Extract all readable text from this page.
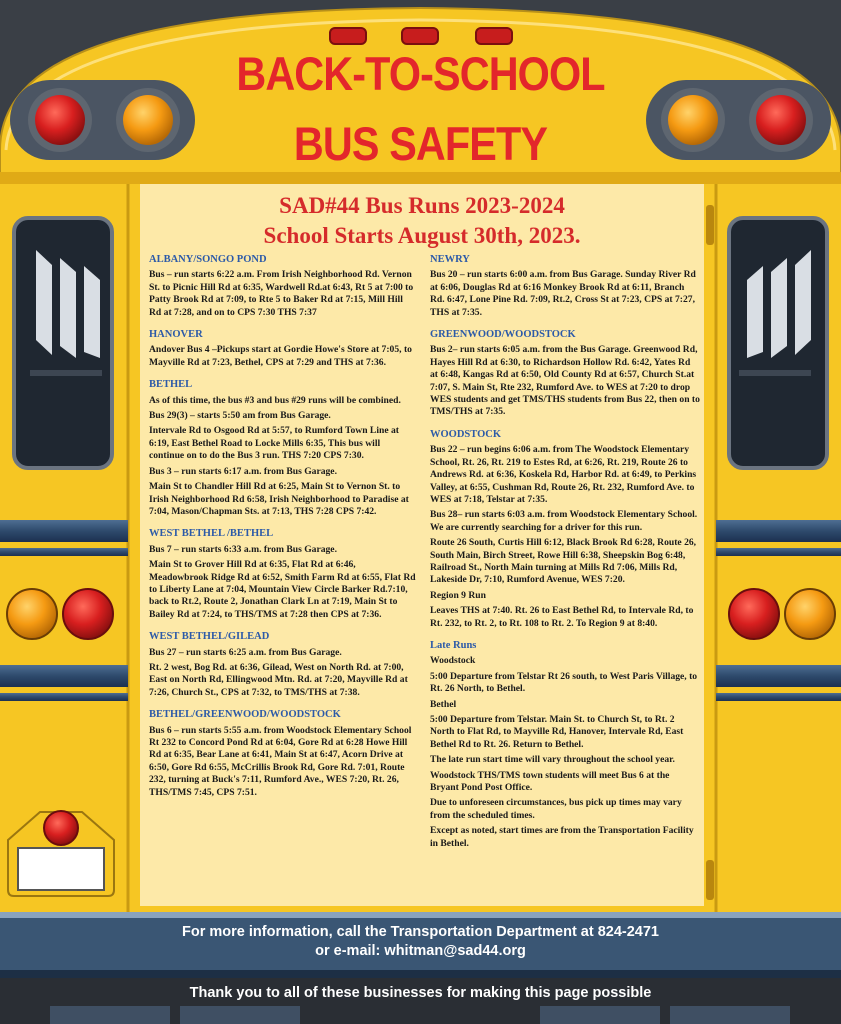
BACK-TO-SCHOOL
BUS SAFETY
SAD#44 Bus Runs 2023-2024
School Starts August 30th, 2023.
ALBANY/SONGO POND
Bus – run starts 6:22 a.m. From Irish Neighborhood Rd. Vernon St. to Picnic Hill Rd at 6:35, Wardwell Rd.at 6:43, Rt 5 at 7:00 to Patty Brook Rd at 7:09, to Rte 5 to Baker Rd at 7:15, Mill Hill Rd at 7:28, and on to CPS 7:30 THS 7:37
HANOVER
Andover Bus 4 –Pickups start at Gordie Howe's Store at 7:05, to Mayville Rd at 7:23, Bethel, CPS at 7:29 and THS at 7:36.
BETHEL
As of this time, the bus #3 and bus #29 runs will be combined.
Bus 29(3) – starts 5:50 am from Bus Garage.
Intervale Rd to Osgood Rd at 5:57, to Rumford Town Line at 6:19, East Bethel Road to Locke Mills 6:35, This bus will continue on to do the Bus 3 run. THS 7:20 CPS 7:30.
Bus 3 – run starts 6:17 a.m. from Bus Garage.
Main St to Chandler Hill Rd at 6:25, Main St to Vernon St. to Irish Neighborhood Rd 6:58, Irish Neighborhood to Paradise at 7:04, Mason/Chapman Sts. at 7:13, THS 7:28 CPS 7:42.
WEST BETHEL /BETHEL
Bus 7 – run starts 6:33 a.m. from Bus Garage.
Main St to Grover Hill Rd at 6:35, Flat Rd at 6:46, Meadowbrook Ridge Rd at 6:52, Smith Farm Rd at 6:55, Flat Rd to Liberty Lane at 7:04, Mountain View Circle Barker Rd.7:10, back to Rt.2, Route 2, Jonathan Clark Ln at 7:19, Main St to Bailey Rd at 7:24, to THS/TMS at 7:28 then CPS at 7:36.
WEST BETHEL/GILEAD
Bus 27 – run starts 6:25 a.m. from Bus Garage.
Rt. 2 west, Bog Rd. at 6:36, Gilead, West on North Rd. at 7:00, East on North Rd, Ellingwood Mtn. Rd. at 7:20, Mayville Rd at 7:26, Church St., CPS at 7:32, to TMS/THS at 7:38.
BETHEL/GREENWOOD/WOODSTOCK
Bus 6 – run starts 5:55 a.m. from Woodstock Elementary School Rt 232 to Concord Pond Rd at 6:04, Gore Rd at 6:28 Howe Hill Rd at 6:35, Bear Lane at 6:41, Main St at 6:47, Acorn Drive at 6:50, Gore Rd 6:55, McCrillis Brook Rd, Gore Rd. 7:01, Route 232, turning at Buck's 7:11, Rumford Ave., WES 7:20, Rt. 26, THS/TMS 7:45, CPS 7:51.
NEWRY
Bus 20 – run starts 6:00 a.m. from Bus Garage. Sunday River Rd at 6:06, Douglas Rd at 6:16 Monkey Brook Rd at 6:11, Branch Rd. 6:47, Lone Pine Rd. 7:09, Rt.2, Cross St at 7:23, CPS at 7:27, THS at 7:35.
GREENWOOD/WOODSTOCK
Bus 2– run starts 6:05 a.m. from the Bus Garage. Greenwood Rd, Hayes Hill Rd at 6:30, to Richardson Hollow Rd. 6:42, Yates Rd at 6:48, Kangas Rd at 6:50, Old County Rd at 6:57, Church St.at 7:07, S. Main St, Rte 232, Rumford Ave. to WES at 7:20 to drop WES students and get TMS/THS students from Bus 22, then on to TMS/THS at 7:35.
WOODSTOCK
Bus 22 – run begins 6:06 a.m. from The Woodstock Elementary School, Rt. 26, Rt. 219 to Estes Rd, at 6:26, Rt. 219, Route 26 to Andrews Rd. at 6:36, Koskela Rd, Harbor Rd. at 6:49, to Perkins Valley, at 6:55, Cushman Rd, Route 26, Rt. 232, Rumford Ave. to WES at 7:18, Telstar at 7:35.
Bus 28– run starts 6:03 a.m. from Woodstock Elementary School. We are currently searching for a driver for this run.
Route 26 South, Curtis Hill 6:12, Black Brook Rd 6:28, Route 26, South Main, Birch Street, Rowe Hill 6:38, Sheepskin Bog 6:48, Railroad St., North Main turning at Mills Rd 7:06, Mills Rd, Lakeside Dr, 7:10, Rumford Avenue, WES 7:20.
Region 9 Run
Leaves THS at 7:40. Rt. 26 to East Bethel Rd, to Intervale Rd, to Rt. 232, to Rt. 2, to Rt. 108 to Rt. 2. To Region 9 at 8:40.
Late Runs
Woodstock
5:00 Departure from Telstar Rt 26 south, to West Paris Village, to Rt. 26 North, to Bethel.
Bethel
5:00 Departure from Telstar. Main St. to Church St, to Rt. 2 North to Flat Rd, to Mayville Rd, Hanover, Intervale Rd, East Bethel Rd to Rt. 26. Return to Bethel.
The late run start time will vary throughout the school year.
Woodstock THS/TMS town students will meet Bus 6 at the Bryant Pond Post Office.
Due to unforeseen circumstances, bus pick up times may vary from the scheduled times.
Except as noted, start times are from the Transportation Facility in Bethel.
For more information, call the Transportation Department at 824-2471
or e-mail: whitman@sad44.org
Thank you to all of these businesses for making this page possible
